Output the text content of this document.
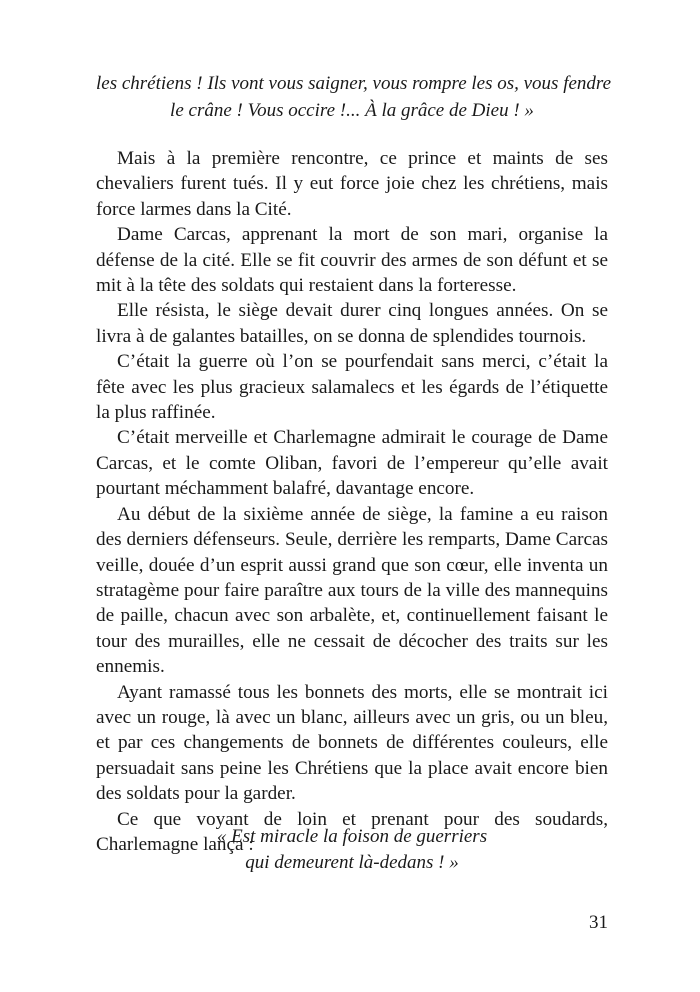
les chrétiens ! Ils vont vous saigner, vous rompre les os, vous fendre
le crâne ! Vous occire !... À la grâce de Dieu ! »

Mais à la première rencontre, ce prince et maints de ses chevaliers furent tués. Il y eut force joie chez les chrétiens, mais force larmes dans la Cité.

Dame Carcas, apprenant la mort de son mari, organise la défense de la cité. Elle se fit couvrir des armes de son défunt et se mit à la tête des soldats qui restaient dans la forteresse.

Elle résista, le siège devait durer cinq longues années. On se livra à de galantes batailles, on se donna de splendides tournois.

C’était la guerre où l’on se pourfendait sans merci, c’était la fête avec les plus gracieux salamalecs et les égards de l’étiquette la plus raffinée.

C’était merveille et Charlemagne admirait le courage de Dame Carcas, et le comte Oliban, favori de l’empereur qu’elle avait pourtant méchamment balafré, davantage encore.

Au début de la sixième année de siège, la famine a eu raison des derniers défenseurs. Seule, derrière les remparts, Dame Carcas veille, douée d’un esprit aussi grand que son cœur, elle inventa un stratagème pour faire paraître aux tours de la ville des mannequins de paille, chacun avec son arbalète, et, continuellement faisant le tour des murailles, elle ne cessait de décocher des traits sur les ennemis.

Ayant ramassé tous les bonnets des morts, elle se montrait ici avec un rouge, là avec un blanc, ailleurs avec un gris, ou un bleu, et par ces changements de bonnets de différentes couleurs, elle persuadait sans peine les Chrétiens que la place avait encore bien des soldats pour la garder.

Ce que voyant de loin et prenant pour des soudards, Charlemagne lança :

« Est miracle la foison de guerriers
qui demeurent là-dedans ! »
31
